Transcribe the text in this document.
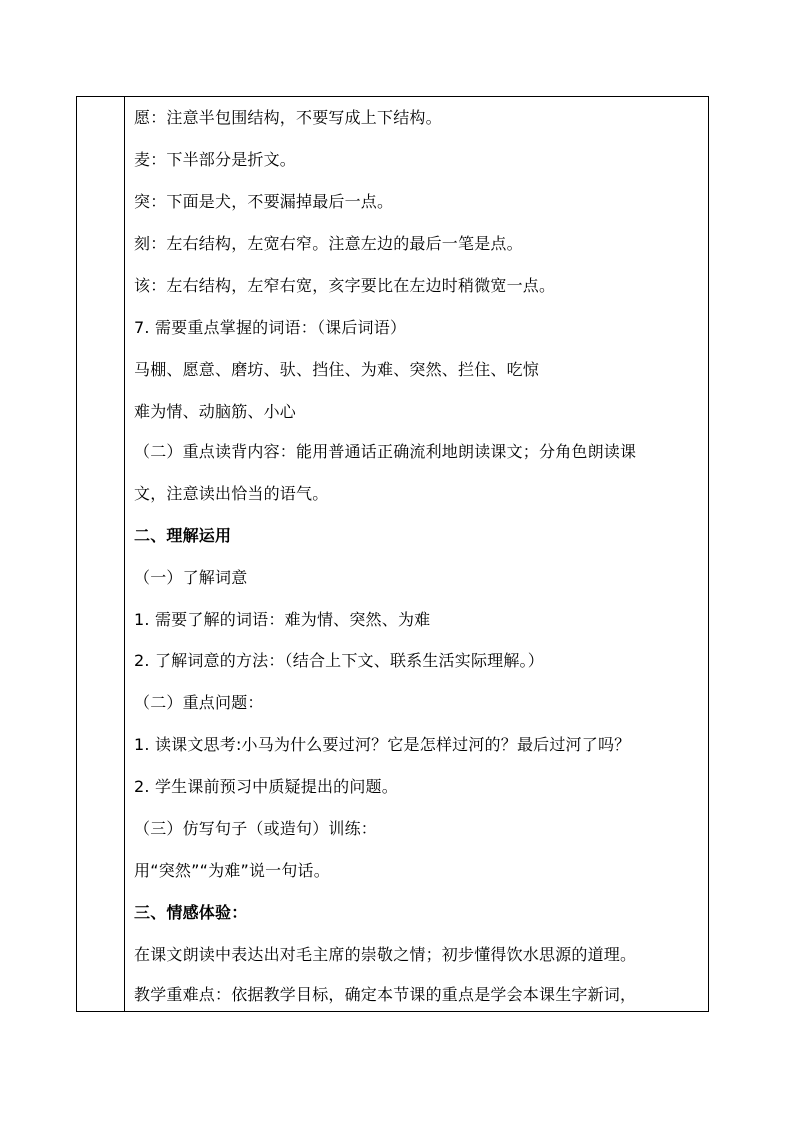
愿：注意半包围结构，不要写成上下结构。
麦：下半部分是折文。
突：下面是犬，不要漏掉最后一点。
刻：左右结构，左宽右窄。注意左边的最后一笔是点。
该：左右结构，左窄右宽，亥字要比在左边时稍微宽一点。
7. 需要重点掌握的词语：（课后词语）
马棚、愿意、磨坊、驮、挡住、为难、突然、拦住、吃惊
难为情、动脑筋、小心
（二）重点读背内容：能用普通话正确流利地朗读课文；分角色朗读课
文，注意读出恰当的语气。
二、理解运用
（一）了解词意
1. 需要了解的词语：难为情、突然、为难
2. 了解词意的方法：（结合上下文、联系生活实际理解。）
（二）重点问题：
1. 读课文思考:小马为什么要过河？它是怎样过河的？最后过河了吗？
2. 学生课前预习中质疑提出的问题。
（三）仿写句子（或造句）训练：
用“突然”“为难”说一句话。
三、情感体验：
在课文朗读中表达出对毛主席的崇敬之情；初步懂得饮水思源的道理。
教学重难点：依据教学目标，确定本节课的重点是学会本课生字新词，
